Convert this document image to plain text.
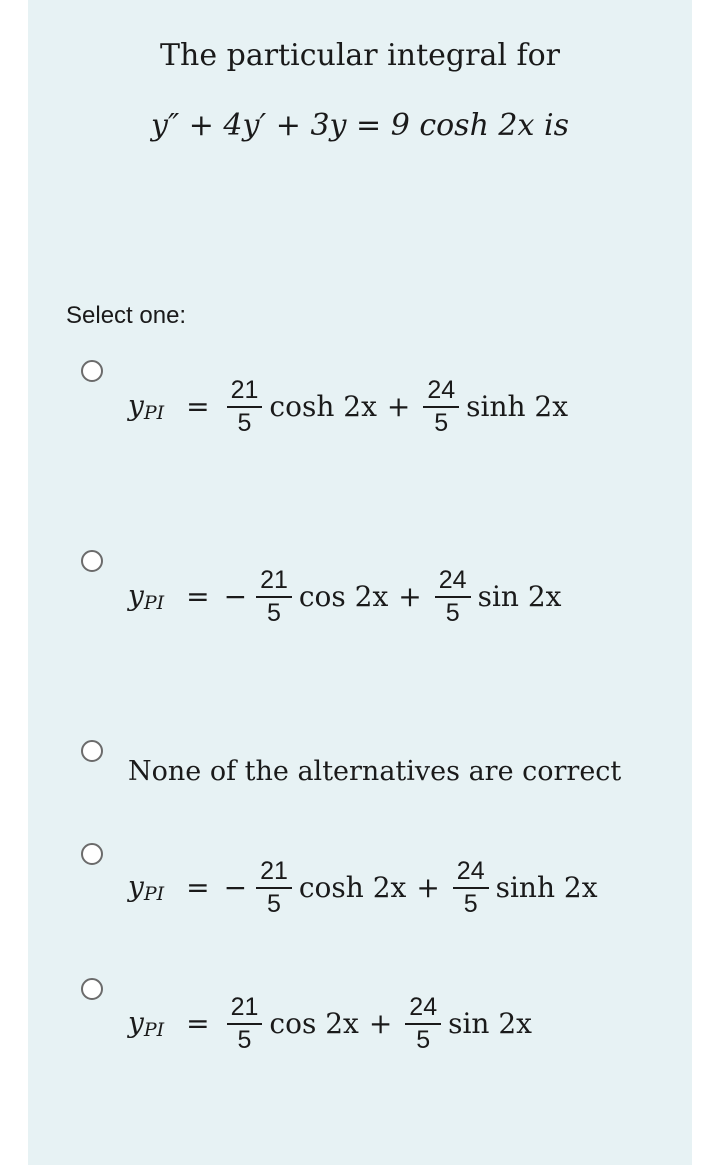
The particular integral for
y″ + 4y′ + 3y = 9 cosh 2x is
Select one:
$y_{PI} = \frac{21}{5}$ $\cosh 2x + \frac{24}{5}$ sinh 2x
$y_{PI}$ = − $\frac{21}{5}$ $\cos 2x + \frac{24}{5}$ sin 2x
None of the alternatives are correct
$y_{PI}$ = − $\frac{21}{5}$ $\cosh 2x + \frac{24}{5}$ sinh 2x
$y_{PI} = \frac{21}{5}$ $\cos 2x + \frac{24}{5}$ sin 2x
